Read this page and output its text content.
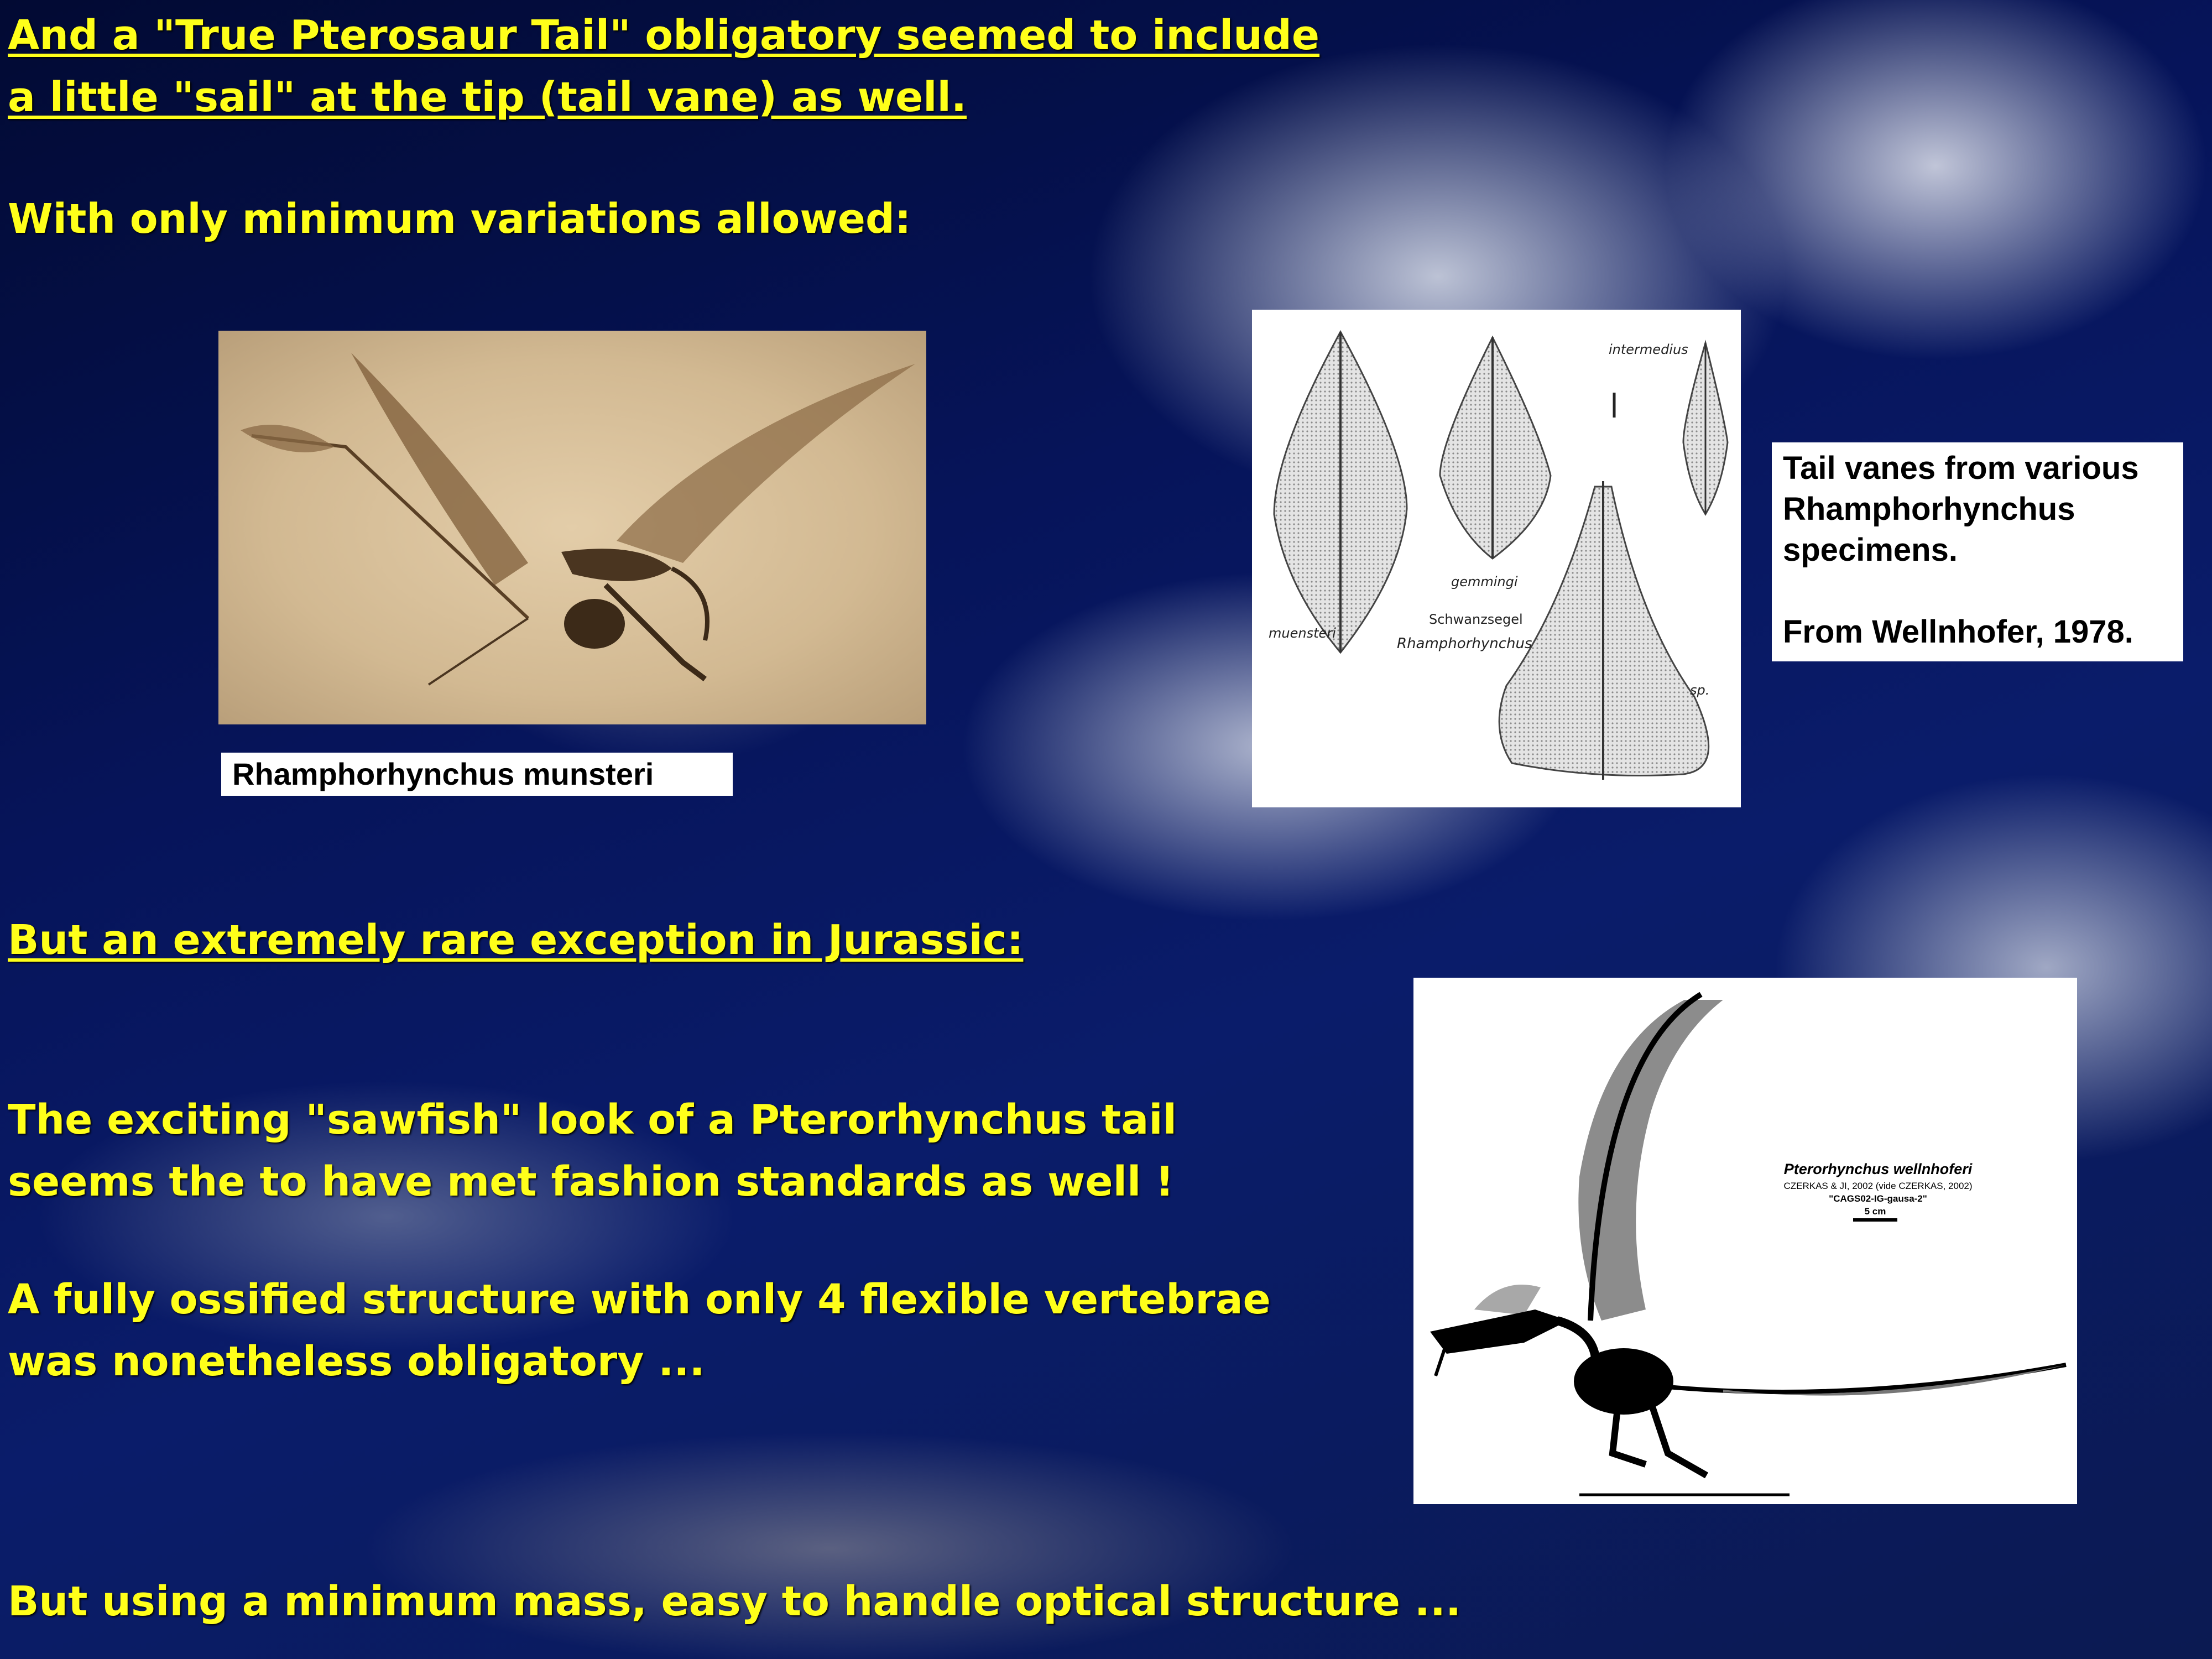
And a "True Pterosaur Tail" obligatory seemed to include
a little "sail" at the tip (tail vane) as well.
With only minimum variations allowed:
Rhamphorhynchus munsteri
intermedius
gemmingi
Schwanzsegel
muensteri
Rhamphorhynchus
sp.
Tail vanes from various
Rhamphorhynchus
specimens.
From Wellnhofer, 1978.
But an extremely rare exception in Jurassic:
The exciting "sawfish" look of a Pterorhynchus tail
seems the to have met fashion standards as well !
A fully ossified structure with only 4 flexible vertebrae
was nonetheless obligatory ...
Pterorhynchus wellnhoferi
CZERKAS & JI, 2002 (vide CZERKAS, 2002)
"CAGS02-IG-gausa-2"
5 cm
But using a minimum mass, easy to handle optical structure ...
